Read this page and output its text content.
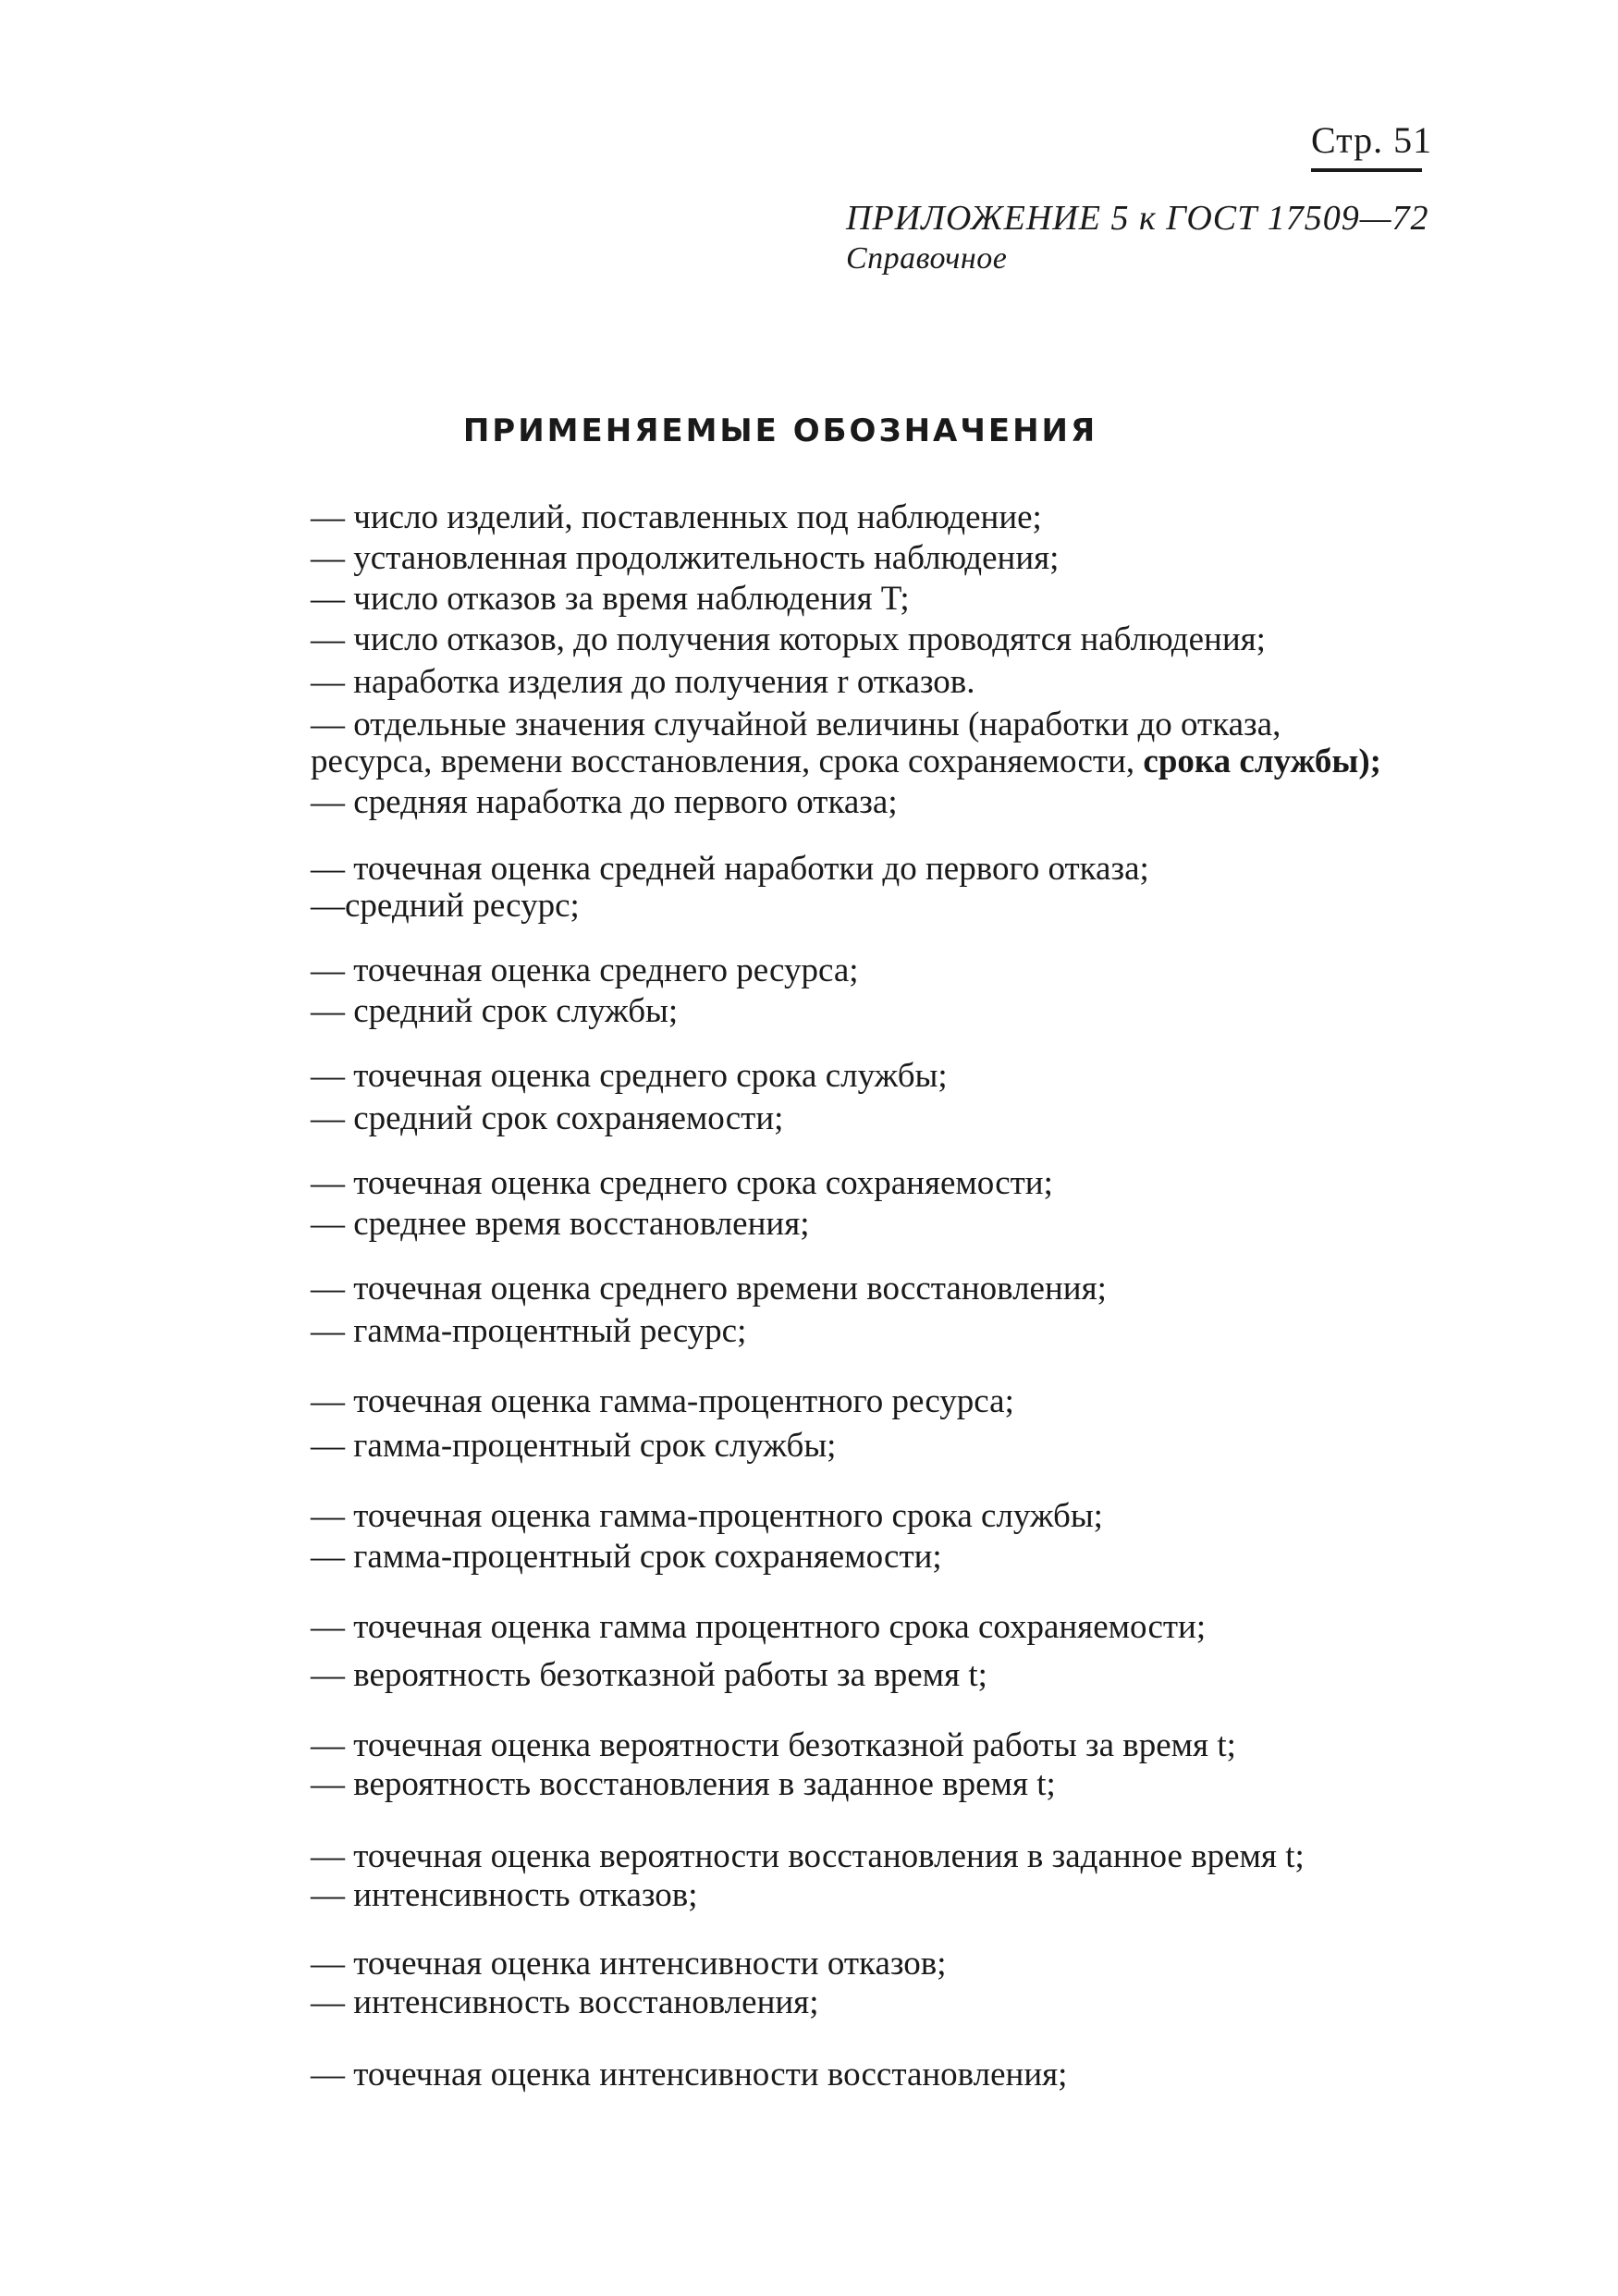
Стр. 51
ПРИЛОЖЕНИЕ 5 к ГОСТ 17509—72
Справочное
ПРИМЕНЯЕМЫЕ ОБОЗНАЧЕНИЯ
— число изделий, поставленных под наблюдение;
— установленная продолжительность наблюдения;
— число отказов за время наблюдения T;
— число отказов, до получения которых проводятся наблюдения;
— наработка изделия до получения r отказов.
— отдельные значения случайной величины (наработки до отказа,
ресурса, времени восстановления, срока сохраняемости, срока службы);
— средняя наработка до первого отказа;
— точечная оценка средней наработки до первого отказа;
—средний ресурс;
— точечная оценка среднего ресурса;
— средний срок службы;
— точечная оценка среднего срока службы;
— средний срок сохраняемости;
— точечная оценка среднего срока сохраняемости;
— среднее время восстановления;
— точечная оценка среднего времени восстановления;
— гамма-процентный ресурс;
— точечная оценка гамма-процентного ресурса;
— гамма-процентный срок службы;
— точечная оценка гамма-процентного срока службы;
— гамма-процентный срок сохраняемости;
— точечная оценка гамма процентного срока сохраняемости;
— вероятность безотказной работы за время t;
— точечная оценка вероятности безотказной работы за время t;
— вероятность восстановления в заданное время t;
— точечная оценка вероятности восстановления в заданное время t;
— интенсивность отказов;
— точечная оценка интенсивности отказов;
— интенсивность восстановления;
— точечная оценка интенсивности восстановления;
